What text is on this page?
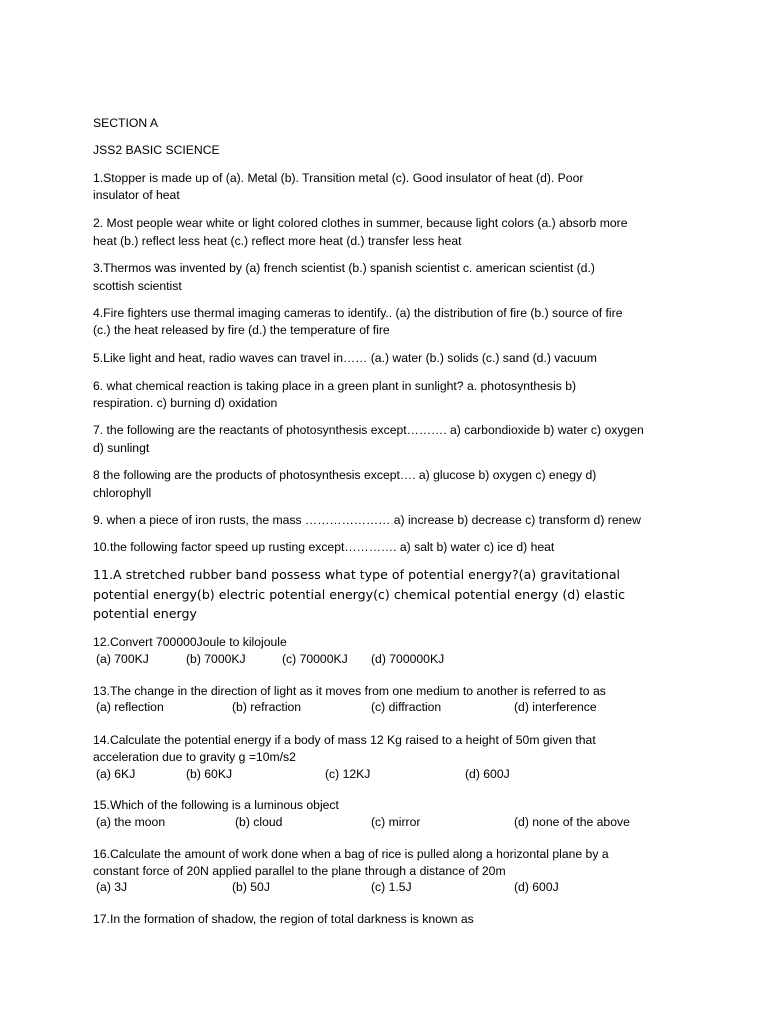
SECTION A

JSS2 BASIC SCIENCE

1.Stopper is made up of (a). Metal (b). Transition metal (c). Good insulator of heat (d). Poor

insulator of heat

2. Most people wear white or light colored clothes in summer, because light colors (a.) absorb more

heat (b.) reflect less heat (c.) reflect more heat (d.) transfer less heat

3.Thermos was invented by (a) french scientist (b.) spanish scientist c. american scientist (d.)

scottish scientist

4.Fire fighters use thermal imaging cameras to identify.. (a) the distribution of fire (b.) source of fire

(c.) the heat released by fire (d.) the temperature of fire

5.Like light and heat, radio waves can travel in…… (a.) water (b.) solids (c.) sand (d.) vacuum

6. what chemical reaction is taking place in a green plant in sunlight? a. photosynthesis b)

respiration. c) burning d) oxidation

7. the following are the reactants of photosynthesis except………. a) carbondioxide b) water c) oxygen

d) sunlingt

8 the following are the products of photosynthesis except…. a) glucose b) oxygen c) enegy d)

chlorophyll

9. when a piece of iron rusts, the mass ………………… a) increase b) decrease c) transform d) renew

10.the following factor speed up rusting except…………. a) salt b) water c) ice d) heat

11.A stretched rubber band possess what type of potential energy?(a) gravitational

potential energy(b) electric potential energy(c) chemical potential energy (d) elastic

potential energy

12.Convert 700000Joule to kilojoule

(a) 700KJ	(b) 7000KJ	(c) 70000KJ (d) 700000KJ

13.The change in the direction of light as it moves from one medium to another is referred to as

(a) reflection	(b) refraction	(c) diffraction	(d) interference

14.Calculate the potential energy if a body of mass 12 Kg raised to a height of 50m given that

acceleration due to gravity g =10m/s2

(a) 6KJ	(b) 60KJ	(c) 12KJ	(d) 600J

15.Which of the following is a luminous object

(a) the moon	(b) cloud	(c) mirror	(d) none of the above

16.Calculate the amount of work done when a bag of rice is pulled along a horizontal plane by a

constant force of 20N applied parallel to the plane through a distance of 20m

(a) 3J	(b) 50J	(c) 1.5J	(d) 600J

17.In the formation of shadow, the region of total darkness is known as
